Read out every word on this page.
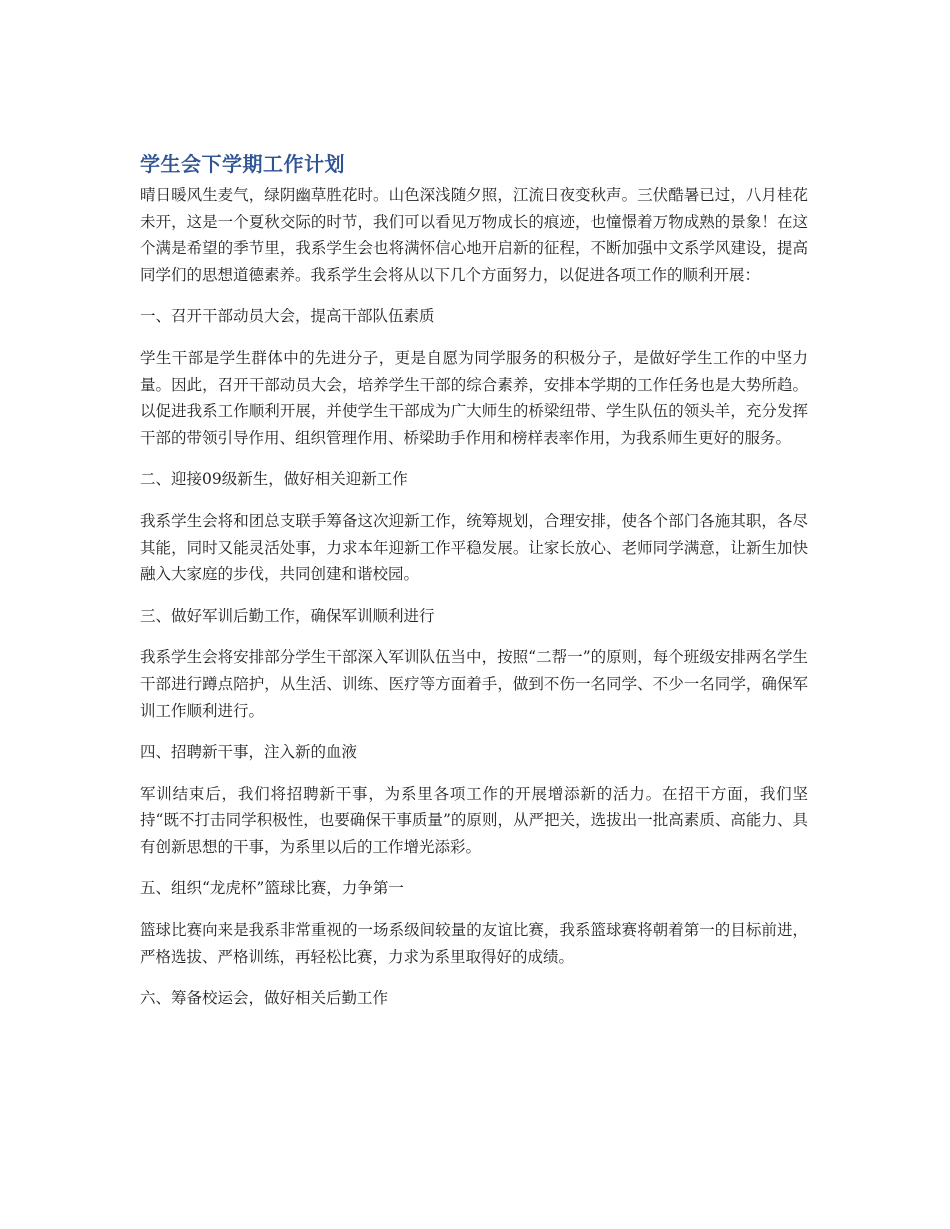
学生会下学期工作计划

晴日暖风生麦气，绿阴幽草胜花时。山色深浅随夕照，江流日夜变秋声。三伏酷暑已过，八月桂花未开，这是一个夏秋交际的时节，我们可以看见万物成长的痕迹，也憧憬着万物成熟的景象！在这个满是希望的季节里，我系学生会也将满怀信心地开启新的征程，不断加强中文系学风建设，提高同学们的思想道德素养。我系学生会将从以下几个方面努力，以促进各项工作的顺利开展：

一、召开干部动员大会，提高干部队伍素质

学生干部是学生群体中的先进分子，更是自愿为同学服务的积极分子，是做好学生工作的中坚力量。因此，召开干部动员大会，培养学生干部的综合素养，安排本学期的工作任务也是大势所趋。以促进我系工作顺利开展，并使学生干部成为广大师生的桥梁纽带、学生队伍的领头羊，充分发挥干部的带领引导作用、组织管理作用、桥梁助手作用和榜样表率作用，为我系师生更好的服务。

二、迎接09级新生，做好相关迎新工作

我系学生会将和团总支联手筹备这次迎新工作，统筹规划，合理安排，使各个部门各施其职，各尽其能，同时又能灵活处事，力求本年迎新工作平稳发展。让家长放心、老师同学满意，让新生加快融入大家庭的步伐，共同创建和谐校园。

三、做好军训后勤工作，确保军训顺利进行

我系学生会将安排部分学生干部深入军训队伍当中，按照“二帮一”的原则，每个班级安排两名学生干部进行蹲点陪护，从生活、训练、医疗等方面着手，做到不伤一名同学、不少一名同学，确保军训工作顺利进行。

四、招聘新干事，注入新的血液

军训结束后，我们将招聘新干事，为系里各项工作的开展增添新的活力。在招干方面，我们坚持“既不打击同学积极性，也要确保干事质量”的原则，从严把关，选拔出一批高素质、高能力、具有创新思想的干事，为系里以后的工作增光添彩。

五、组织“龙虎杯”篮球比赛，力争第一

篮球比赛向来是我系非常重视的一场系级间较量的友谊比赛，我系篮球赛将朝着第一的目标前进，严格选拔、严格训练，再轻松比赛，力求为系里取得好的成绩。

六、筹备校运会，做好相关后勤工作
